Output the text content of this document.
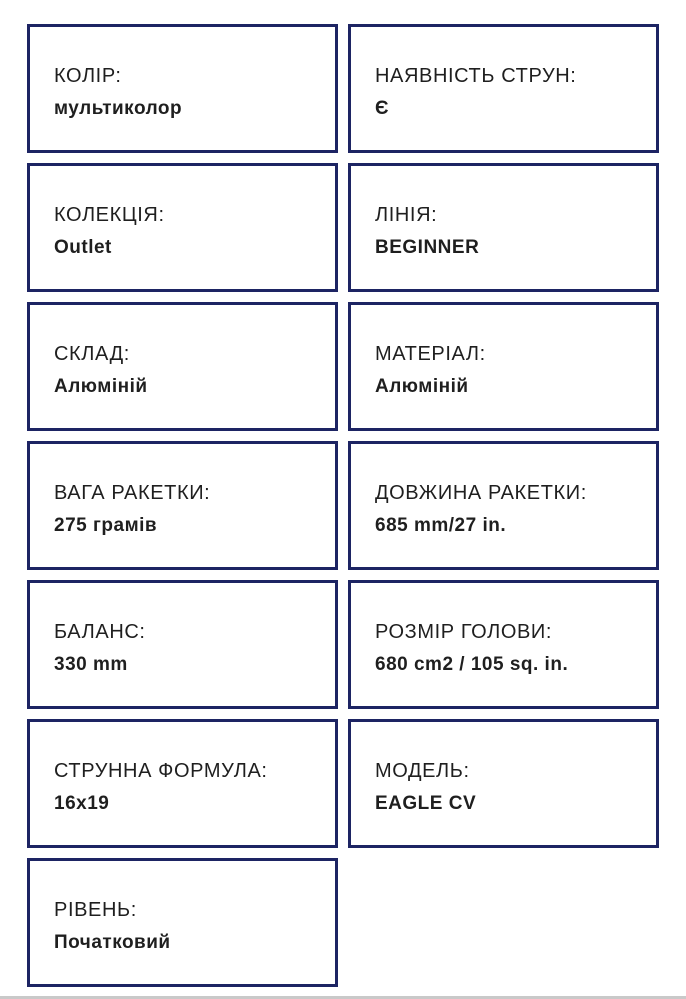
КОЛІР:
мультиколор
НАЯВНІСТЬ СТРУН:
Є
КОЛЕКЦІЯ:
Outlet
ЛІНІЯ:
BEGINNER
СКЛАД:
Алюміній
МАТЕРІАЛ:
Алюміній
ВАГА РАКЕТКИ:
275 грамів
ДОВЖИНА РАКЕТКИ:
685 mm/27 in.
БАЛАНС:
330 mm
РОЗМІР ГОЛОВИ:
680 cm2 / 105 sq. in.
СТРУННА ФОРМУЛА:
16x19
МОДЕЛЬ:
EAGLE CV
РІВЕНЬ:
Початковий
